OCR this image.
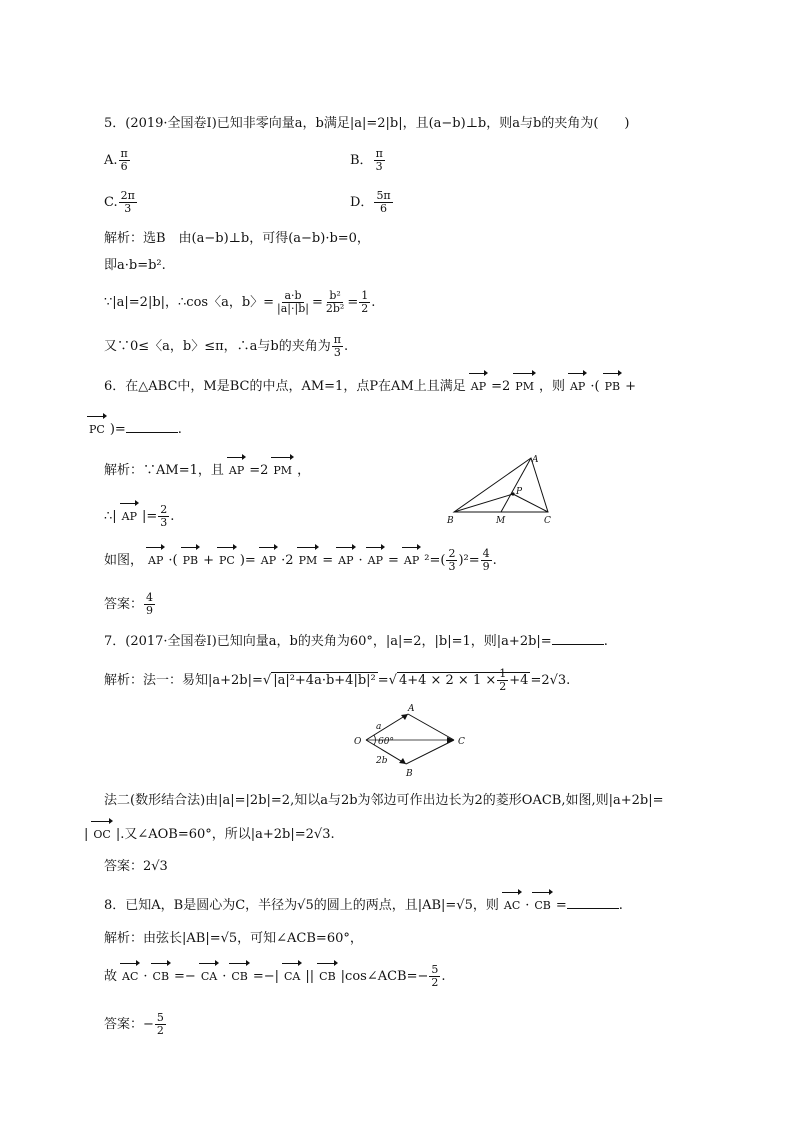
5．(2019·全国卷Ⅰ)已知非零向量a，b满足|a|=2|b|，且(a−b)⊥b，则a与b的夹角为(　　)
A. $\frac{\pi}{6}$	B． $\frac{\pi}{3}$
C. $\frac{2\pi}{3}$	D． $\frac{5\pi}{6}$
解析：选B　由(a−b)⊥b，可得(a−b)·b=0，
即a·b=b².
∵|a|=2|b|，∴cos〈a，b〉= $\frac{a\cdot b}{|a|\cdot|b|} = \frac{\text{b²}}{\text{2b²}} = \frac{1}{2}$ .
又∵0≤〈a，b〉≤π，∴a与b的夹角为 $\frac{\pi}{3}$ .
6．在△ABC中，M是BC的中点，AM=1，点P在AM上且满足 AP =2 PM ，则 AP ·( PB +
PC )=	.
解析：∵AM=1，且 AP =2 PM ，
∴| AP |= $\frac{2}{3}$ .
如图， AP ·( PB + PC )= AP ·2 PM = AP · AP = AP $^2=( \frac{2}{3} )^2= \frac{4}{9}$ .
答案： $\frac{4}{9}$
A
B	C
M
P
7．(2017·全国卷Ⅰ)已知向量a，b的夹角为60°，|a|=2，|b|=1，则|a+2b|=	.
解析：法一：易知|a+2b|=√ |a|²+4a·b+4|b|² =√ $4+4 \times 2 \times 1 \times \frac{1}{2} +4 =2√3$.
O
A
C
B
a
2b
60°
法二(数形结合法)由|a|=|2b|=2,知以a与2b为邻边可作出边长为2的菱形OACB,如图,则|a+2b|=
| OC |.又∠AOB=60°，所以|a+2b|=2√3.
答案：2√3
8．已知A，B是圆心为C，半径为√5的圆上的两点，且|AB|=√5，则 AC · CB =	.
解析：由弦长|AB|=√5，可知∠ACB=60°，
故 AC · CB =− CA · CB =−| CA || CB |cos∠ACB=− $\frac{5}{2}$ .
答案：− $\frac{5}{2}$
